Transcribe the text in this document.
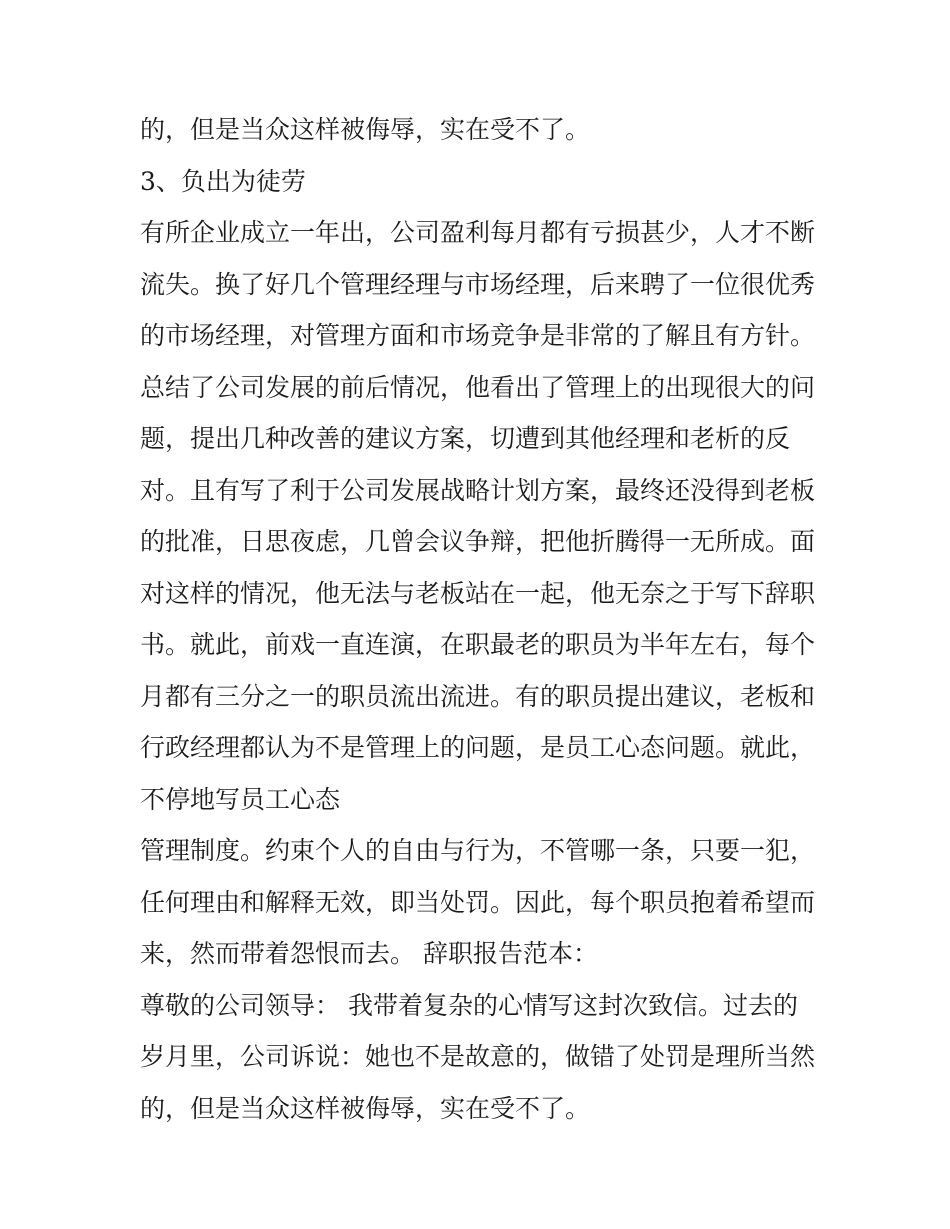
的，但是当众这样被侮辱，实在受不了。
3、负出为徒劳
有所企业成立一年出，公司盈利每月都有亏损甚少，人才不断
流失。换了好几个管理经理与市场经理，后来聘了一位很优秀
的市场经理，对管理方面和市场竞争是非常的了解且有方针。
总结了公司发展的前后情况，他看出了管理上的出现很大的问
题，提出几种改善的建议方案，切遭到其他经理和老析的反
对。且有写了利于公司发展战略计划方案，最终还没得到老板
的批准，日思夜虑，几曾会议争辩，把他折腾得一无所成。面
对这样的情况，他无法与老板站在一起，他无奈之于写下辞职
书。就此，前戏一直连演，在职最老的职员为半年左右，每个
月都有三分之一的职员流出流进。有的职员提出建议，老板和
行政经理都认为不是管理上的问题，是员工心态问题。就此，
不停地写员工心态
管理制度。约束个人的自由与行为，不管哪一条，只要一犯，
任何理由和解释无效，即当处罚。因此，每个职员抱着希望而
来，然而带着怨恨而去。 辞职报告范本：
尊敬的公司领导： 我带着复杂的心情写这封次致信。过去的
岁月里，公司诉说：她也不是故意的，做错了处罚是理所当然
的，但是当众这样被侮辱，实在受不了。
